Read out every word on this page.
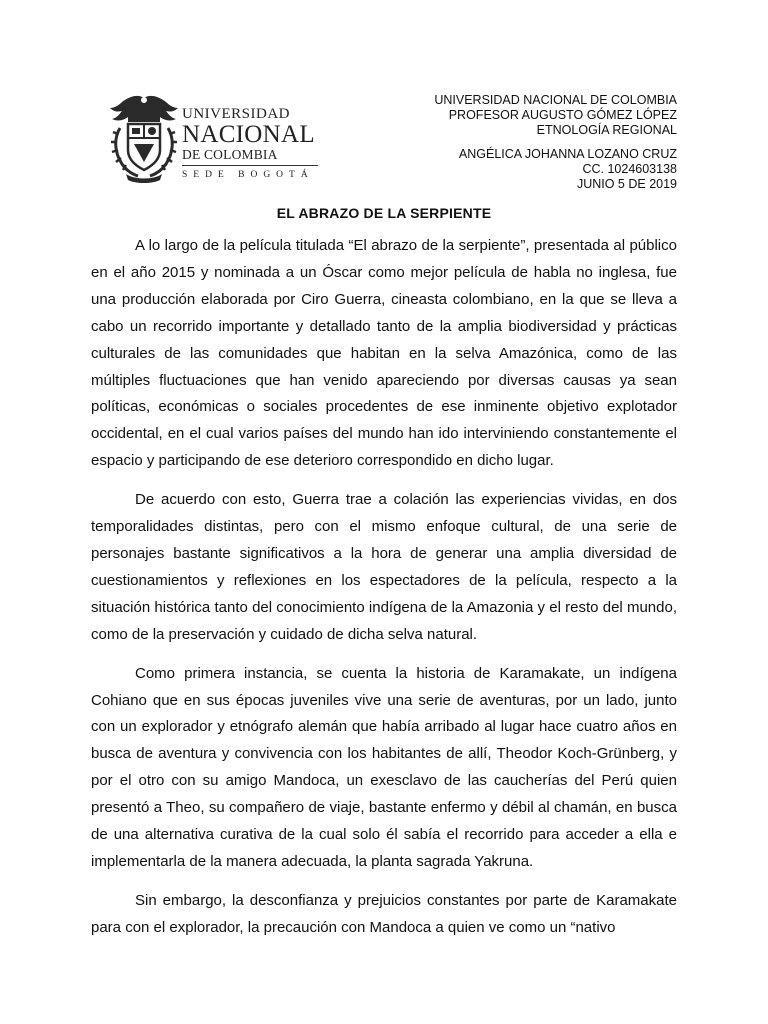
UNIVERSIDAD
NACIONAL
DE COLOMBIA
SEDE BOGOTÁ
UNIVERSIDAD NACIONAL DE COLOMBIA
PROFESOR AUGUSTO GÓMEZ LÓPEZ
ETNOLOGÍA REGIONAL
ANGÉLICA JOHANNA LOZANO CRUZ
CC. 1024603138
JUNIO 5 DE 2019
EL ABRAZO DE LA SERPIENTE

A lo largo de la película titulada “El abrazo de la serpiente”, presentada al público en el año 2015 y nominada a un Óscar como mejor película de habla no inglesa, fue una producción elaborada por Ciro Guerra, cineasta colombiano, en la que se lleva a cabo un recorrido importante y detallado tanto de la amplia biodiversidad y prácticas culturales de las comunidades que habitan en la selva Amazónica, como de las múltiples fluctuaciones que han venido apareciendo por diversas causas ya sean políticas, económicas o sociales procedentes de ese inminente objetivo explotador occidental, en el cual varios países del mundo han ido interviniendo constantemente el espacio y participando de ese deterioro correspondido en dicho lugar.

De acuerdo con esto, Guerra trae a colación las experiencias vividas, en dos temporalidades distintas, pero con el mismo enfoque cultural, de una serie de personajes bastante significativos a la hora de generar una amplia diversidad de cuestionamientos y reflexiones en los espectadores de la película, respecto a la situación histórica tanto del conocimiento indígena de la Amazonia y el resto del mundo, como de la preservación y cuidado de dicha selva natural.

Como primera instancia, se cuenta la historia de Karamakate, un indígena Cohiano que en sus épocas juveniles vive una serie de aventuras, por un lado, junto con un explorador y etnógrafo alemán que había arribado al lugar hace cuatro años en busca de aventura y convivencia con los habitantes de allí, Theodor Koch-Grünberg, y por el otro con su amigo Mandoca, un exesclavo de las caucherías del Perú quien presentó a Theo, su compañero de viaje, bastante enfermo y débil al chamán, en busca de una alternativa curativa de la cual solo él sabía el recorrido para acceder a ella e implementarla de la manera adecuada, la planta sagrada Yakruna.

Sin embargo, la desconfianza y prejuicios constantes por parte de Karamakate para con el explorador, la precaución con Mandoca a quien ve como un “nativo
